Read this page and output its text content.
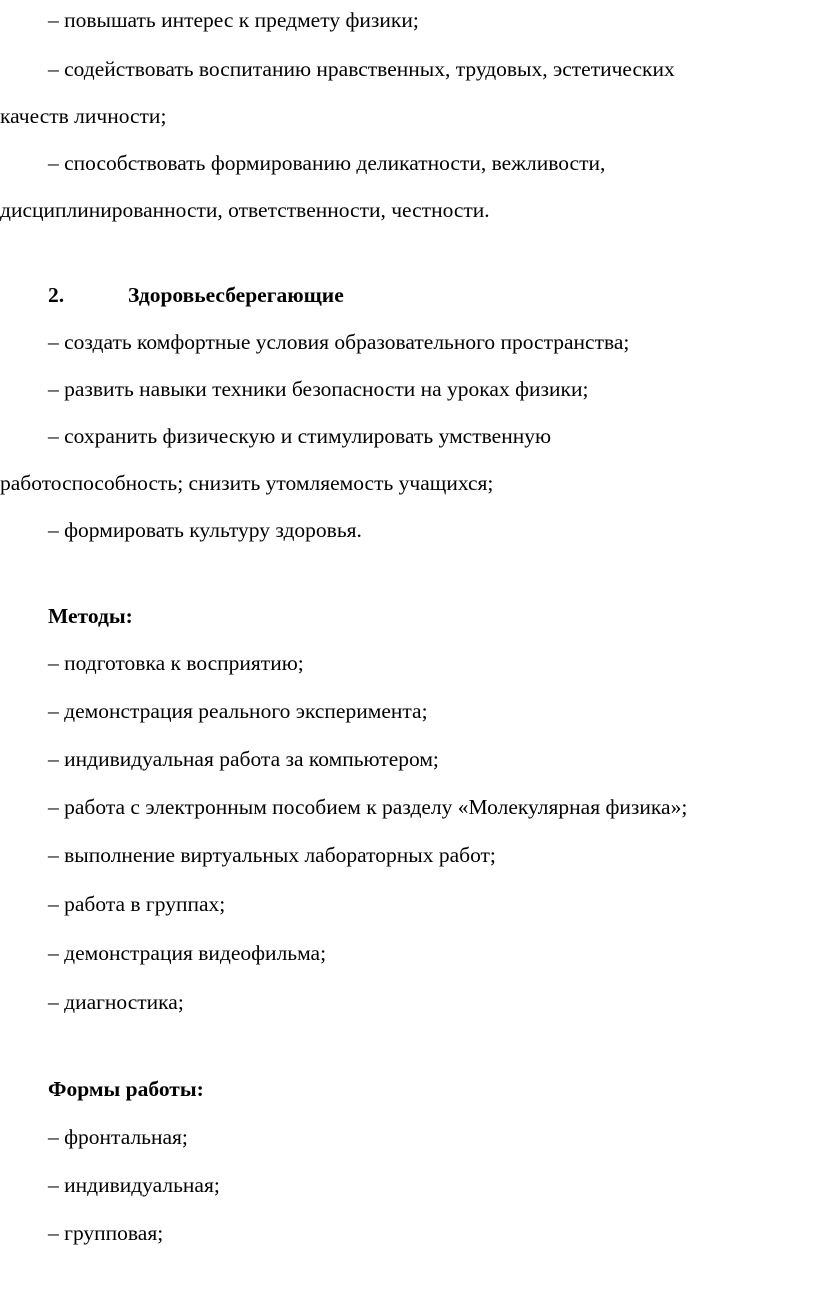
– повышать интерес к предмету физики;
– содействовать воспитанию нравственных, трудовых, эстетических
качеств личности;
– способствовать формированию деликатности, вежливости,
дисциплинированности, ответственности, честности.
2.	Здоровьесберегающие
– создать комфортные условия образовательного пространства;
– развить навыки техники безопасности на уроках физики;
– сохранить физическую и стимулировать умственную
работоспособность; снизить утомляемость учащихся;
– формировать культуру здоровья.
Методы:
– подготовка к восприятию;
– демонстрация реального эксперимента;
– индивидуальная работа за компьютером;
– работа с электронным пособием к разделу «Молекулярная физика»;
– выполнение виртуальных лабораторных работ;
– работа в группах;
– демонстрация видеофильма;
– диагностика;
Формы работы:
– фронтальная;
– индивидуальная;
– групповая;
